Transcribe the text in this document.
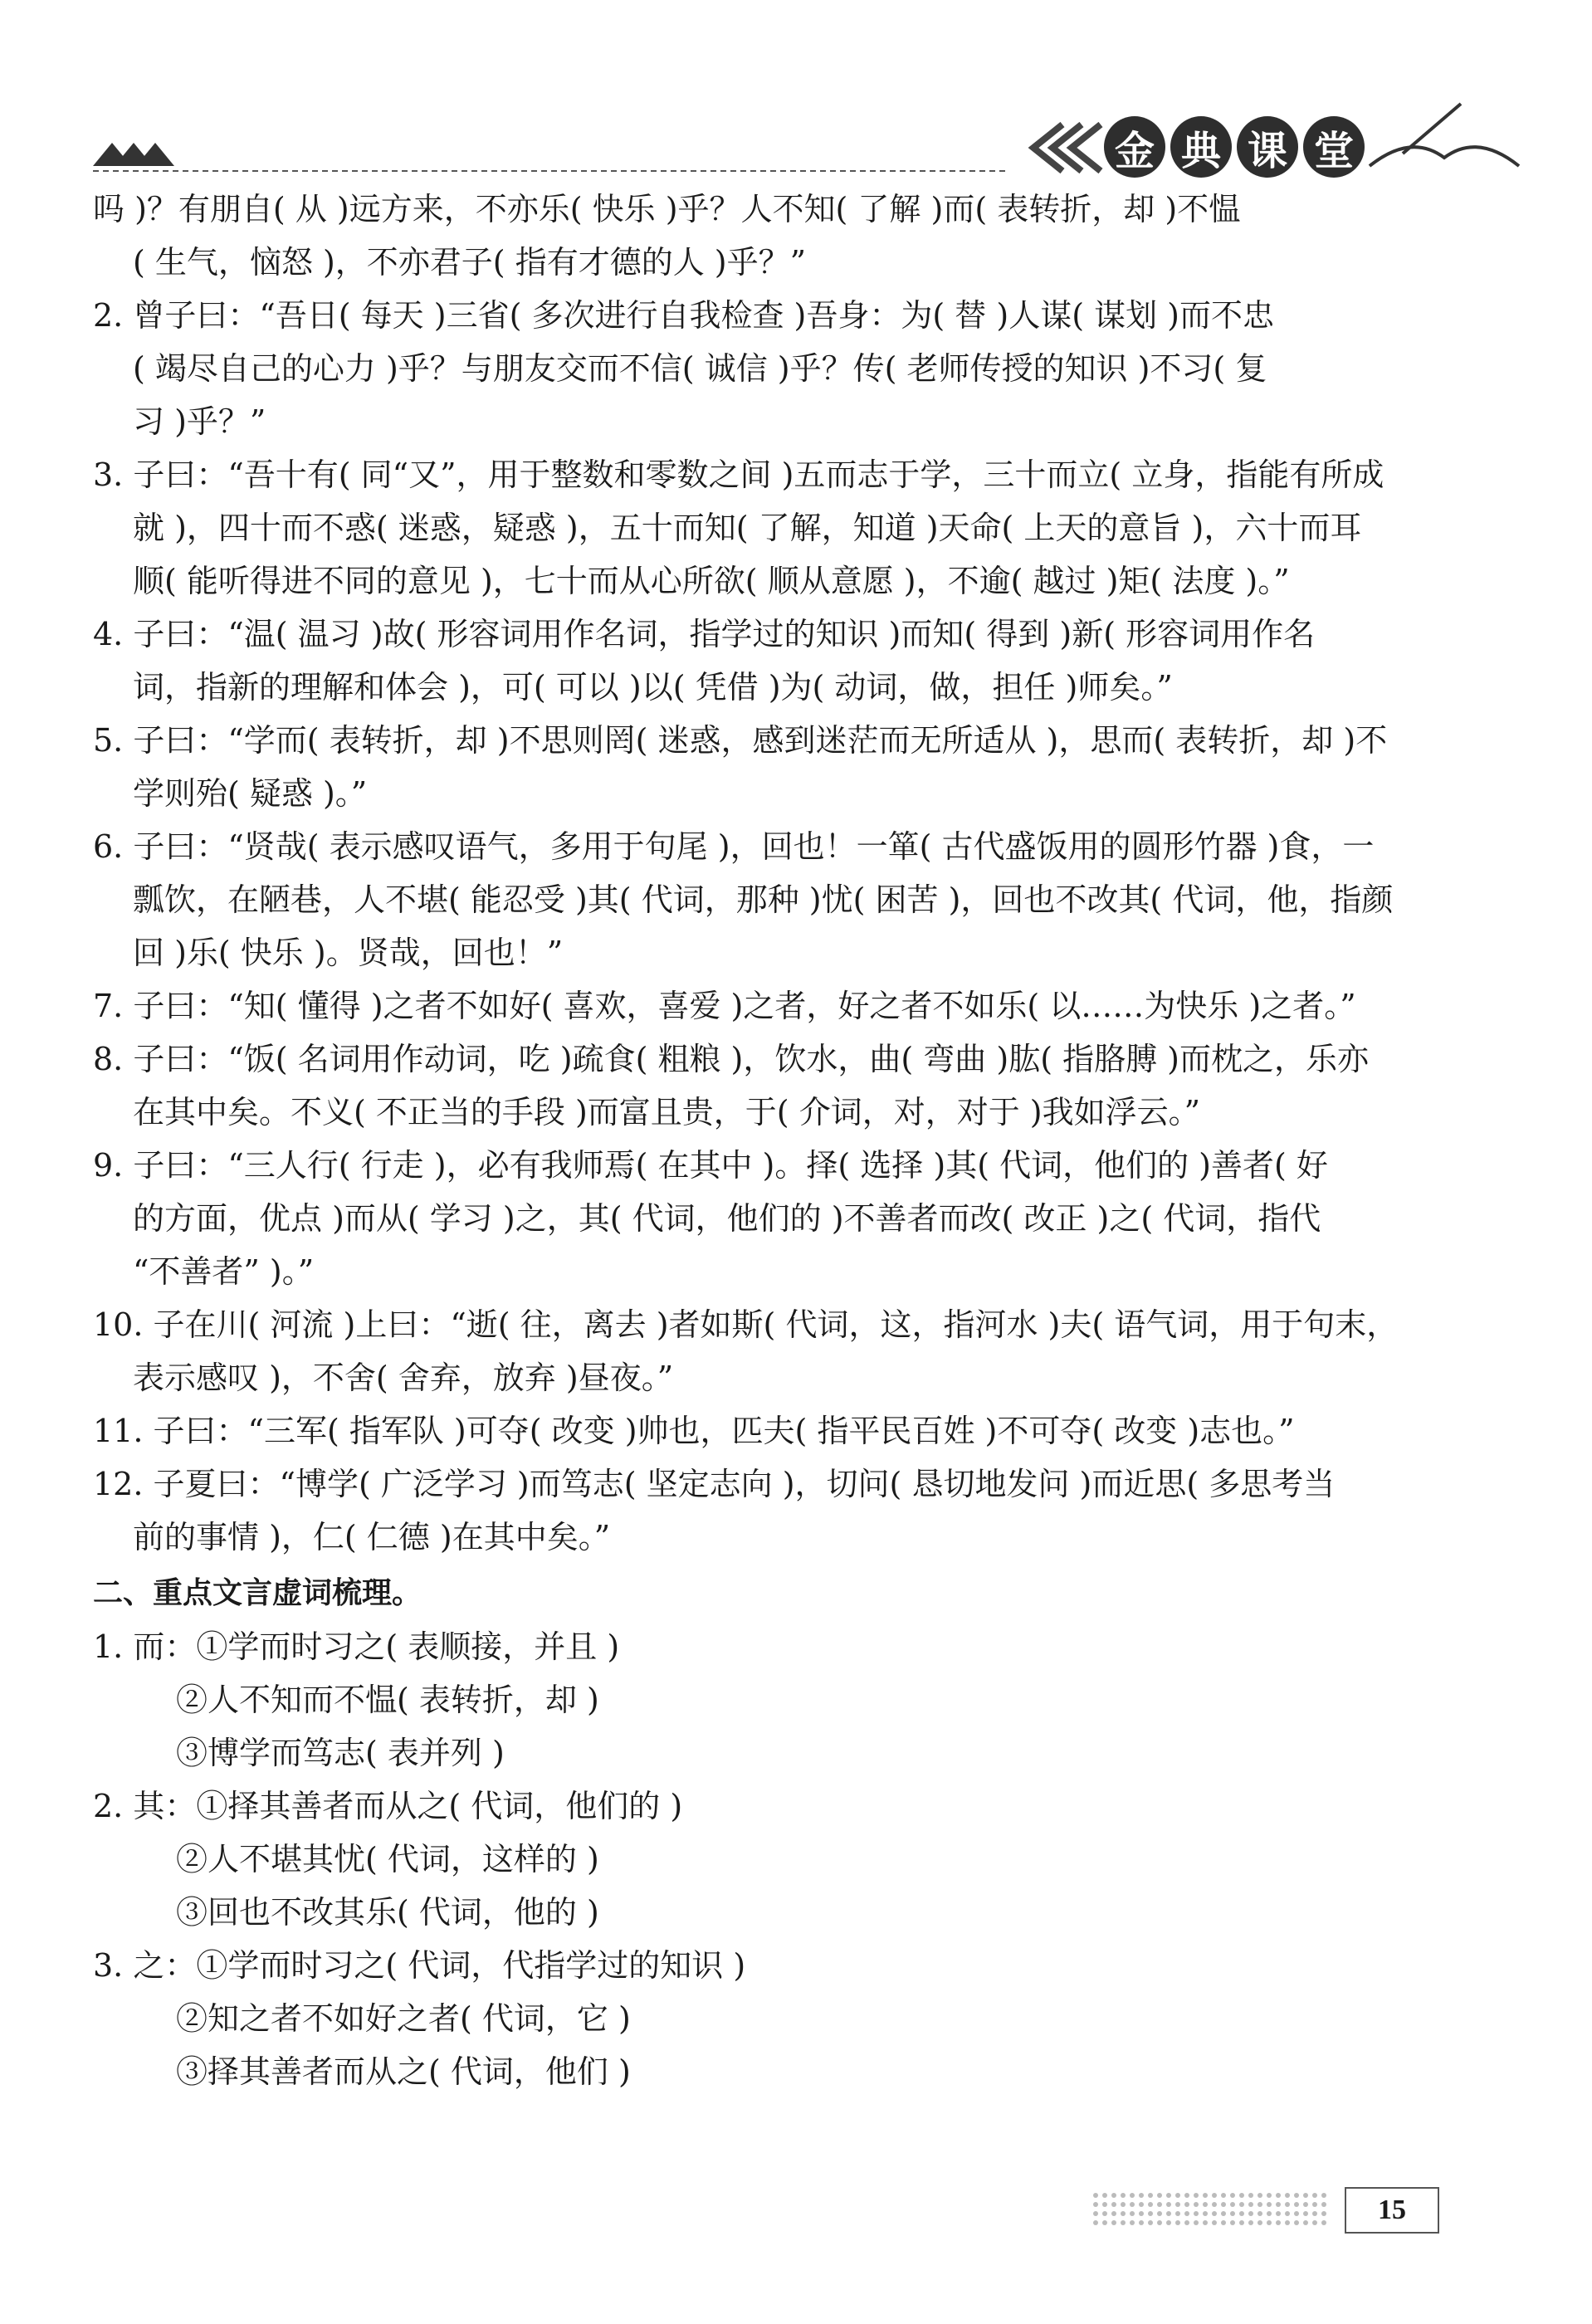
金 典 课 堂
吗 )？有朋自( 从 )远方来，不亦乐( 快乐 )乎？人不知( 了解 )而( 表转折，却 )不愠
( 生气，恼怒 )，不亦君子( 指有才德的人 )乎？”
2. 曾子曰：“吾日( 每天 )三省( 多次进行自我检查 )吾身：为( 替 )人谋( 谋划 )而不忠
( 竭尽自己的心力 )乎？与朋友交而不信( 诚信 )乎？传( 老师传授的知识 )不习( 复
习 )乎？”
3. 子曰：“吾十有( 同“又”，用于整数和零数之间 )五而志于学，三十而立( 立身，指能有所成
就 )，四十而不惑( 迷惑，疑惑 )，五十而知( 了解，知道 )天命( 上天的意旨 )，六十而耳
顺( 能听得进不同的意见 )，七十而从心所欲( 顺从意愿 )，不逾( 越过 )矩( 法度 )。”
4. 子曰：“温( 温习 )故( 形容词用作名词，指学过的知识 )而知( 得到 )新( 形容词用作名
词，指新的理解和体会 )，可( 可以 )以( 凭借 )为( 动词，做，担任 )师矣。”
5. 子曰：“学而( 表转折，却 )不思则罔( 迷惑，感到迷茫而无所适从 )，思而( 表转折，却 )不
学则殆( 疑惑 )。”
6. 子曰：“贤哉( 表示感叹语气，多用于句尾 )，回也！一箪( 古代盛饭用的圆形竹器 )食，一
瓢饮，在陋巷，人不堪( 能忍受 )其( 代词，那种 )忧( 困苦 )，回也不改其( 代词，他，指颜
回 )乐( 快乐 )。贤哉，回也！”
7. 子曰：“知( 懂得 )之者不如好( 喜欢，喜爱 )之者，好之者不如乐( 以……为快乐 )之者。”
8. 子曰：“饭( 名词用作动词，吃 )疏食( 粗粮 )，饮水，曲( 弯曲 )肱( 指胳膊 )而枕之，乐亦
在其中矣。不义( 不正当的手段 )而富且贵，于( 介词，对，对于 )我如浮云。”
9. 子曰：“三人行( 行走 )，必有我师焉( 在其中 )。择( 选择 )其( 代词，他们的 )善者( 好
的方面，优点 )而从( 学习 )之，其( 代词，他们的 )不善者而改( 改正 )之( 代词，指代
“不善者” )。”
10. 子在川( 河流 )上曰：“逝( 往，离去 )者如斯( 代词，这，指河水 )夫( 语气词，用于句末，
表示感叹 )，不舍( 舍弃，放弃 )昼夜。”
11. 子曰：“三军( 指军队 )可夺( 改变 )帅也，匹夫( 指平民百姓 )不可夺( 改变 )志也。”
12. 子夏曰：“博学( 广泛学习 )而笃志( 坚定志向 )，切问( 恳切地发问 )而近思( 多思考当
前的事情 )，仁( 仁德 )在其中矣。”
二、重点文言虚词梳理。
1. 而：①学而时习之( 表顺接，并且 )
②人不知而不愠( 表转折，却 )
③博学而笃志( 表并列 )
2. 其：①择其善者而从之( 代词，他们的 )
②人不堪其忧( 代词，这样的 )
③回也不改其乐( 代词，他的 )
3. 之：①学而时习之( 代词，代指学过的知识 )
②知之者不如好之者( 代词，它 )
③择其善者而从之( 代词，他们 )
15
